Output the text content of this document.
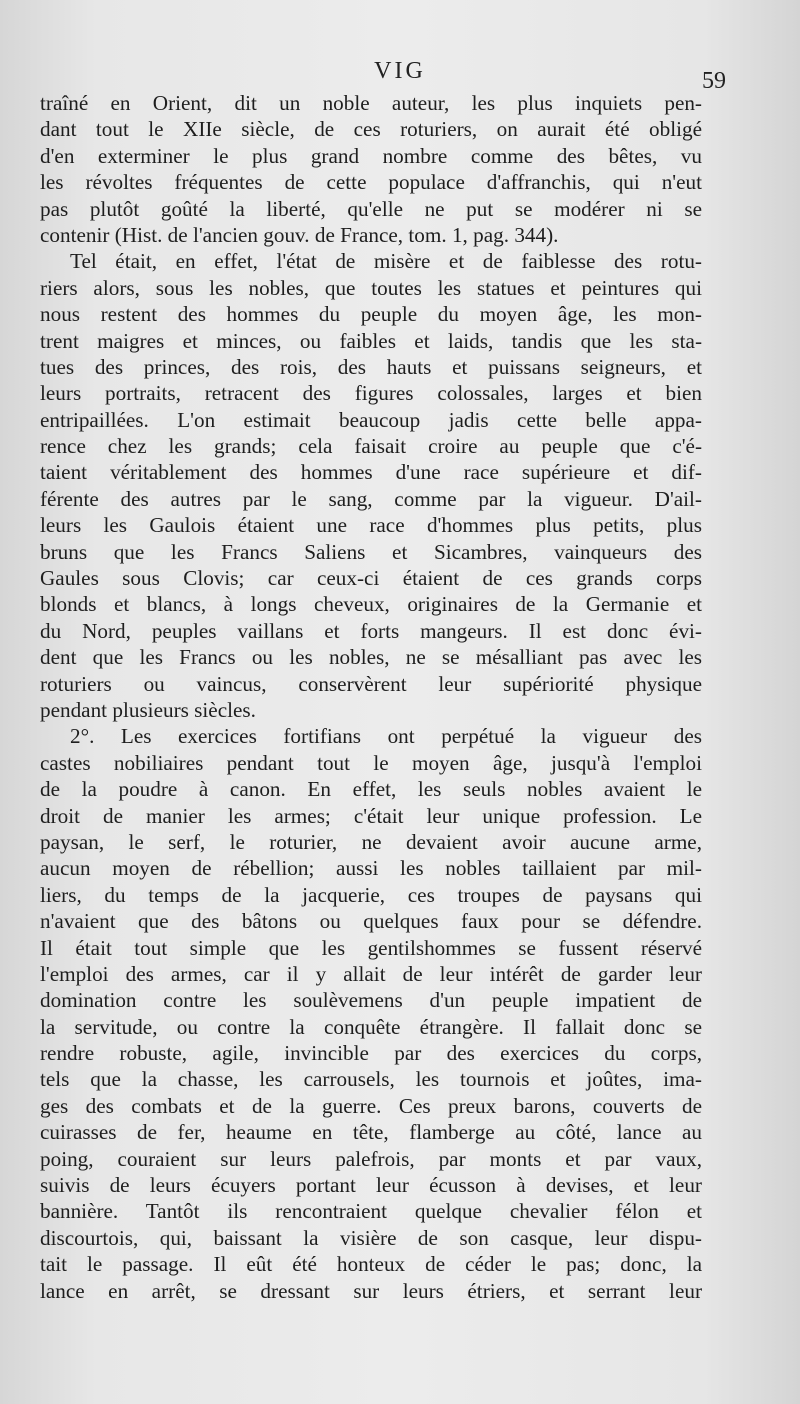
VIG	59
traîné en Orient, dit un noble auteur, les plus inquiets pen-
dant tout le XIIe siècle, de ces roturiers, on aurait été obligé
d'en exterminer le plus grand nombre comme des bêtes, vu
les révoltes fréquentes de cette populace d'affranchis, qui n'eut
pas plutôt goûté la liberté, qu'elle ne put se modérer ni se
contenir (Hist. de l'ancien gouv. de France, tom. 1, pag. 344).
Tel était, en effet, l'état de misère et de faiblesse des rotu-
riers alors, sous les nobles, que toutes les statues et peintures qui
nous restent des hommes du peuple du moyen âge, les mon-
trent maigres et minces, ou faibles et laids, tandis que les sta-
tues des princes, des rois, des hauts et puissans seigneurs, et
leurs portraits, retracent des figures colossales, larges et bien
entripaillées. L'on estimait beaucoup jadis cette belle appa-
rence chez les grands; cela faisait croire au peuple que c'é-
taient véritablement des hommes d'une race supérieure et dif-
férente des autres par le sang, comme par la vigueur. D'ail-
leurs les Gaulois étaient une race d'hommes plus petits, plus
bruns que les Francs Saliens et Sicambres, vainqueurs des
Gaules sous Clovis; car ceux-ci étaient de ces grands corps
blonds et blancs, à longs cheveux, originaires de la Germanie et
du Nord, peuples vaillans et forts mangeurs. Il est donc évi-
dent que les Francs ou les nobles, ne se mésalliant pas avec les
roturiers ou vaincus, conservèrent leur supériorité physique
pendant plusieurs siècles.
2°. Les exercices fortifians ont perpétué la vigueur des
castes nobiliaires pendant tout le moyen âge, jusqu'à l'emploi
de la poudre à canon. En effet, les seuls nobles avaient le
droit de manier les armes; c'était leur unique profession. Le
paysan, le serf, le roturier, ne devaient avoir aucune arme,
aucun moyen de rébellion; aussi les nobles taillaient par mil-
liers, du temps de la jacquerie, ces troupes de paysans qui
n'avaient que des bâtons ou quelques faux pour se défendre.
Il était tout simple que les gentilshommes se fussent réservé
l'emploi des armes, car il y allait de leur intérêt de garder leur
domination contre les soulèvemens d'un peuple impatient de
la servitude, ou contre la conquête étrangère. Il fallait donc se
rendre robuste, agile, invincible par des exercices du corps,
tels que la chasse, les carrousels, les tournois et joûtes, ima-
ges des combats et de la guerre. Ces preux barons, couverts de
cuirasses de fer, heaume en tête, flamberge au côté, lance au
poing, couraient sur leurs palefrois, par monts et par vaux,
suivis de leurs écuyers portant leur écusson à devises, et leur
bannière. Tantôt ils rencontraient quelque chevalier félon et
discourtois, qui, baissant la visière de son casque, leur dispu-
tait le passage. Il eût été honteux de céder le pas; donc, la
lance en arrêt, se dressant sur leurs étriers, et serrant leur
